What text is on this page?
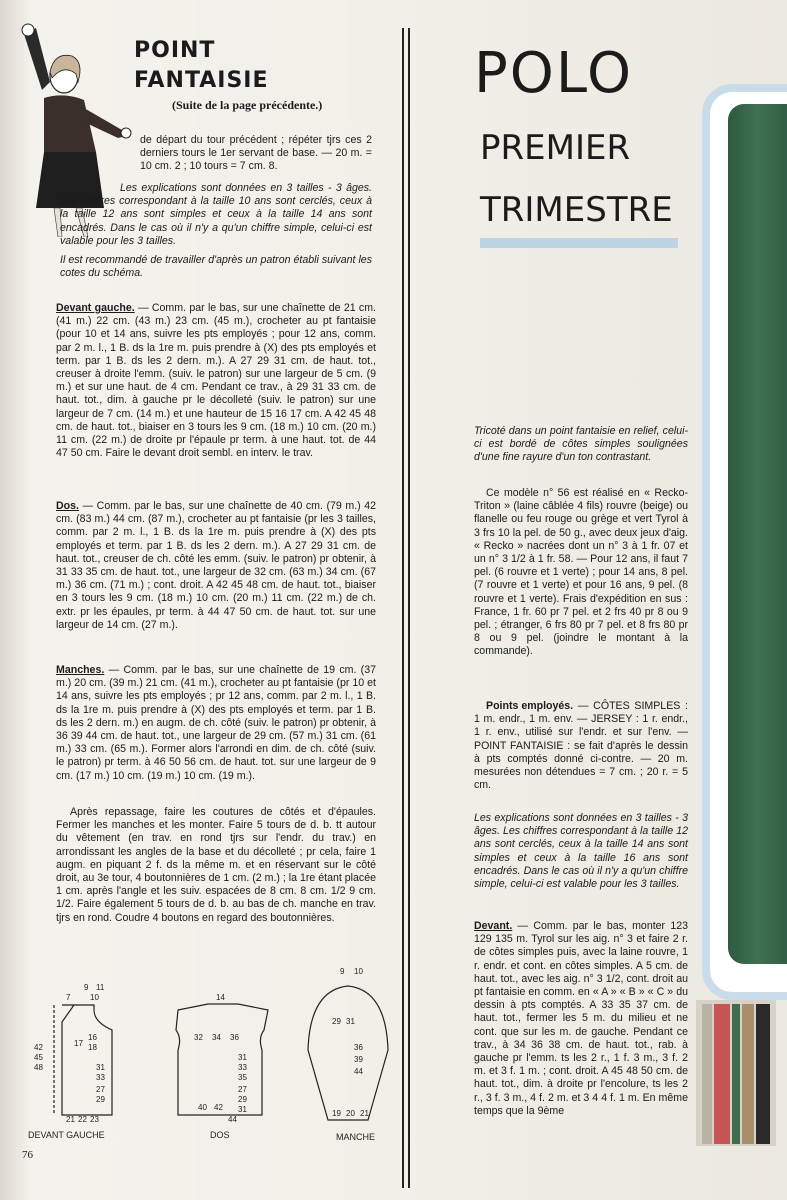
POINT
FANTAISIE
(Suite de la page précédente.)

de départ du tour précédent ; répéter tjrs ces 2 derniers tours le 1er servant de base. — 20 m. = 10 cm. 2 ; 10 tours = 7 cm. 8.

Les explications sont données en 3 tailles - 3 âges. Les chiffres correspondant à la taille 10 ans sont cerclés, ceux à la taille 12 ans sont simples et ceux à la taille 14 ans sont encadrés. Dans le cas où il n'y a qu'un chiffre simple, celui-ci est valable pour les 3 tailles.

Il est recommandé de travailler d'après un patron établi suivant les cotes du schéma.

Devant gauche. — Comm. par le bas, sur une chaînette de 21 cm. (41 m.) 22 cm. (43 m.) 23 cm. (45 m.), crocheter au pt fantaisie (pour 10 et 14 ans, suivre les pts employés ; pour 12 ans, comm. par 2 m. l., 1 B. ds la 1re m. puis prendre à (X) des pts employés et term. par 1 B. ds les 2 dern. m.). A 27 29 31 cm. de haut. tot., creuser à droite l'emm. (suiv. le patron) sur une largeur de 5 cm. (9 m.) et sur une haut. de 4 cm. Pendant ce trav., à 29 31 33 cm. de haut. tot., dim. à gauche pr le décolleté (suiv. le patron) sur une largeur de 7 cm. (14 m.) et une hauteur de 15 16 17 cm. A 42 45 48 cm. de haut. tot., biaiser en 3 tours les 9 cm. (18 m.) 10 cm. (20 m.) 11 cm. (22 m.) de droite pr l'épaule pr term. à une haut. tot. de 44 47 50 cm. Faire le devant droit sembl. en interv. le trav.

Dos. — Comm. par le bas, sur une chaînette de 40 cm. (79 m.) 42 cm. (83 m.) 44 cm. (87 m.), crocheter au pt fantaisie (pr les 3 tailles, comm. par 2 m. l., 1 B. ds la 1re m. puis prendre à (X) des pts employés et term. par 1 B. ds les 2 dern. m.). A 27 29 31 cm. de haut. tot., creuser de ch. côté les emm. (suiv. le patron) pr obtenir, à 31 33 35 cm. de haut. tot., une largeur de 32 cm. (63 m.) 34 cm. (67 m.) 36 cm. (71 m.) ; cont. droit. A 42 45 48 cm. de haut. tot., biaiser en 3 tours les 9 cm. (18 m.) 10 cm. (20 m.) 11 cm. (22 m.) de ch. extr. pr les épaules, pr term. à 44 47 50 cm. de haut. tot. sur une largeur de 14 cm. (27 m.).

Manches. — Comm. par le bas, sur une chaînette de 19 cm. (37 m.) 20 cm. (39 m.) 21 cm. (41 m.), crocheter au pt fantaisie (pr 10 et 14 ans, suivre les pts employés ; pr 12 ans, comm. par 2 m. l., 1 B. ds la 1re m. puis prendre à (X) des pts employés et term. par 1 B. ds les 2 dern. m.) en augm. de ch. côté (suiv. le patron) pr obtenir, à 36 39 44 cm. de haut. tot., une largeur de 29 cm. (57 m.) 31 cm. (61 m.) 33 cm. (65 m.). Former alors l'arrondi en dim. de ch. côté (suiv. le patron) pr term. à 46 50 56 cm. de haut. tot. sur une largeur de 9 cm. (17 m.) 10 cm. (19 m.) 10 cm. (19 m.).

Après repassage, faire les coutures de côtés et d'épaules. Fermer les manches et les monter. Faire 5 tours de d. b. tt autour du vêtement (en trav. en rond tjrs sur l'endr. du trav.) en arrondissant les angles de la base et du décolleté ; pr cela, faire 1 augm. en piquant 2 f. ds la même m. et en réservant sur le côté droit, au 3e tour, 4 boutonnières de 1 cm. (2 m.) ; la 1re étant placée 1 cm. après l'angle et les suiv. espacées de 8 cm. 8 cm. 1/2 9 cm. 1/2. Faire également 5 tours de d. b. au bas de ch. manche en trav. tjrs en rond. Coudre 4 boutons en regard des boutonnières.

7 10
9 11
17
16
18
31
33
27
29
21 22 23
42
45
48
DEVANT GAUCHE
14
32 34 36
31
33
35
27
29
31
40 42
44
DOS
9 10
29 31
36
39
44
19 20 21
MANCHE
76
POLO
PREMIER
TRIMESTRE

Tricoté dans un point fantaisie en relief, celui-ci est bordé de côtes simples soulignées d'une fine rayure d'un ton contrastant.

Ce modèle n° 56 est réalisé en « Recko-Triton » (laine câblée 4 fils) rouvre (beige) ou flanelle ou feu rouge ou grège et vert Tyrol à 3 frs 10 la pel. de 50 g., avec deux jeux d'aig. « Recko » nacrées dont un n° 3 à 1 fr. 07 et un n° 3 1/2 à 1 fr. 58. — Pour 12 ans, il faut 7 pel. (6 rouvre et 1 verte) ; pour 14 ans, 8 pel. (7 rouvre et 1 verte) et pour 16 ans, 9 pel. (8 rouvre et 1 verte). Frais d'expédition en sus : France, 1 fr. 60 pr 7 pel. et 2 frs 40 pr 8 ou 9 pel. ; étranger, 6 frs 80 pr 7 pel. et 8 frs 80 pr 8 ou 9 pel. (joindre le montant à la commande).

Points employés. — CÔTES SIMPLES : 1 m. endr., 1 m. env. — JERSEY : 1 r. endr., 1 r. env., utilisé sur l'endr. et sur l'env. — POINT FANTAISIE : se fait d'après le dessin à pts comptés donné ci-contre. — 20 m. mesurées non détendues = 7 cm. ; 20 r. = 5 cm.

Les explications sont données en 3 tailles - 3 âges. Les chiffres correspondant à la taille 12 ans sont cerclés, ceux à la taille 14 ans sont simples et ceux à la taille 16 ans sont encadrés. Dans le cas où il n'y a qu'un chiffre simple, celui-ci est valable pour les 3 tailles.

Devant. — Comm. par le bas, monter 123 129 135 m. Tyrol sur les aig. n° 3 et faire 2 r. de côtes simples puis, avec la laine rouvre, 1 r. endr. et cont. en côtes simples. A 5 cm. de haut. tot., avec les aig. n° 3 1/2, cont. droit au pt fantaisie en comm. en « A » « B » « C » du dessin à pts comptés. A 33 35 37 cm. de haut. tot., fermer les 5 m. du milieu et ne cont. que sur les m. de gauche. Pendant ce trav., à 34 36 38 cm. de haut. tot., rab. à gauche pr l'emm. ts les 2 r., 1 f. 3 m., 3 f. 2 m. et 3 f. 1 m. ; cont. droit. A 45 48 50 cm. de haut. tot., dim. à droite pr l'encolure, ts les 2 r., 3 f. 3 m., 4 f. 2 m. et 3 4 4 f. 1 m. En même temps que la 9ème
